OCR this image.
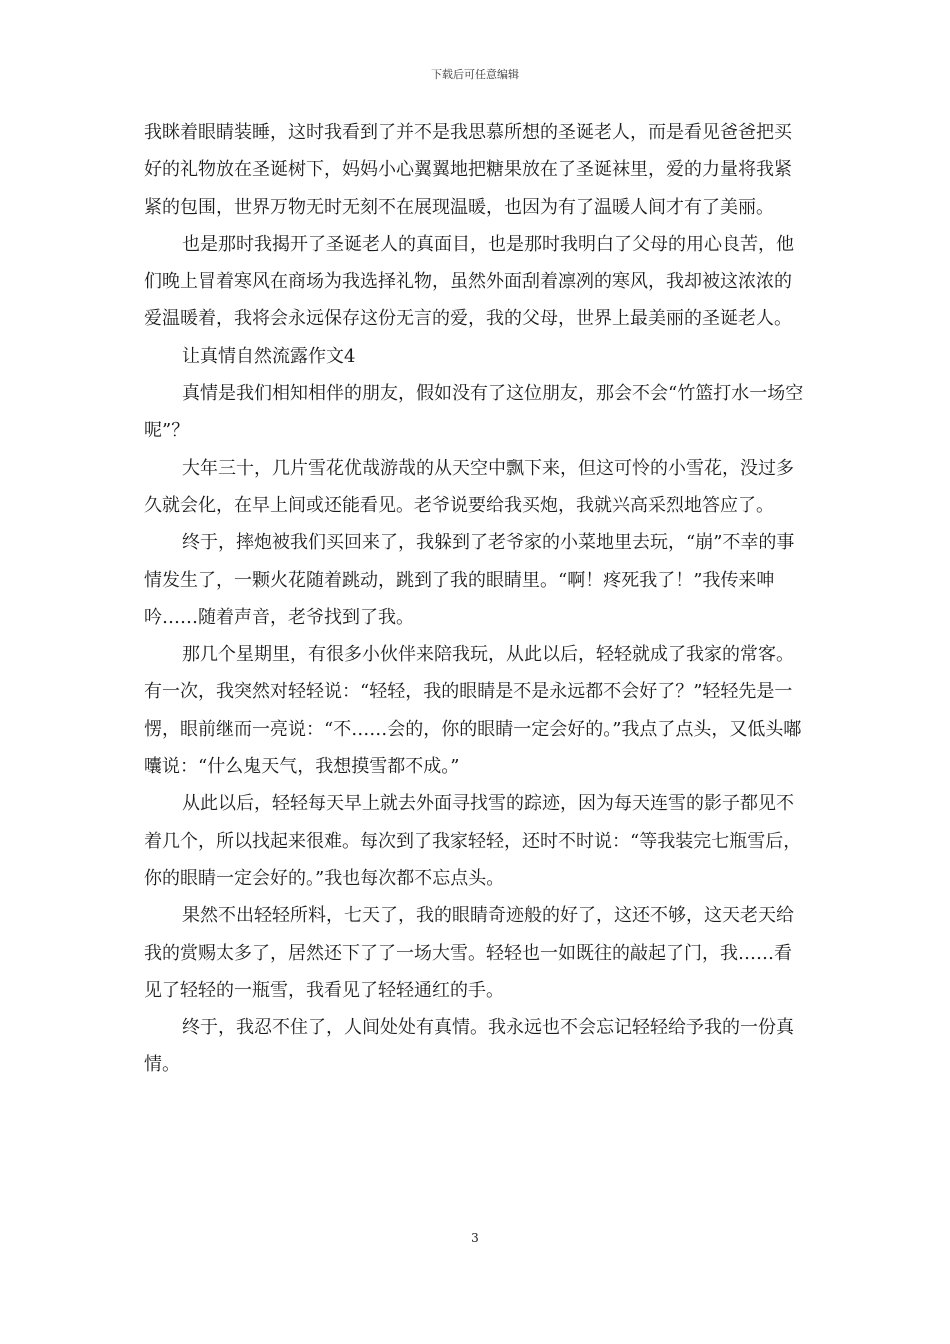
下载后可任意编辑

我眯着眼睛装睡，这时我看到了并不是我思慕所想的圣诞老人，而是看见爸爸把买好的礼物放在圣诞树下，妈妈小心翼翼地把糖果放在了圣诞袜里，爱的力量将我紧紧的包围，世界万物无时无刻不在展现温暖，也因为有了温暖人间才有了美丽。

也是那时我揭开了圣诞老人的真面目，也是那时我明白了父母的用心良苦，他们晚上冒着寒风在商场为我选择礼物，虽然外面刮着凛冽的寒风，我却被这浓浓的爱温暖着，我将会永远保存这份无言的爱，我的父母，世界上最美丽的圣诞老人。

让真情自然流露作文4

真情是我们相知相伴的朋友，假如没有了这位朋友，那会不会“竹篮打水一场空呢”？

大年三十，几片雪花优哉游哉的从天空中飘下来，但这可怜的小雪花，没过多久就会化，在早上间或还能看见。老爷说要给我买炮，我就兴高采烈地答应了。

终于，摔炮被我们买回来了，我躲到了老爷家的小菜地里去玩，“崩”不幸的事情发生了，一颗火花随着跳动，跳到了我的眼睛里。“啊！疼死我了！”我传来呻吟……随着声音，老爷找到了我。

那几个星期里，有很多小伙伴来陪我玩，从此以后，轻轻就成了我家的常客。有一次，我突然对轻轻说：“轻轻，我的眼睛是不是永远都不会好了？”轻轻先是一愣，眼前继而一亮说：“不……会的，你的眼睛一定会好的。”我点了点头，又低头嘟囔说：“什么鬼天气，我想摸雪都不成。”

从此以后，轻轻每天早上就去外面寻找雪的踪迹，因为每天连雪的影子都见不着几个，所以找起来很难。每次到了我家轻轻，还时不时说：“等我装完七瓶雪后，你的眼睛一定会好的。”我也每次都不忘点头。

果然不出轻轻所料，七天了，我的眼睛奇迹般的好了，这还不够，这天老天给我的赏赐太多了，居然还下了了一场大雪。轻轻也一如既往的敲起了门，我……看见了轻轻的一瓶雪，我看见了轻轻通红的手。

终于，我忍不住了，人间处处有真情。我永远也不会忘记轻轻给予我的一份真情。

3
